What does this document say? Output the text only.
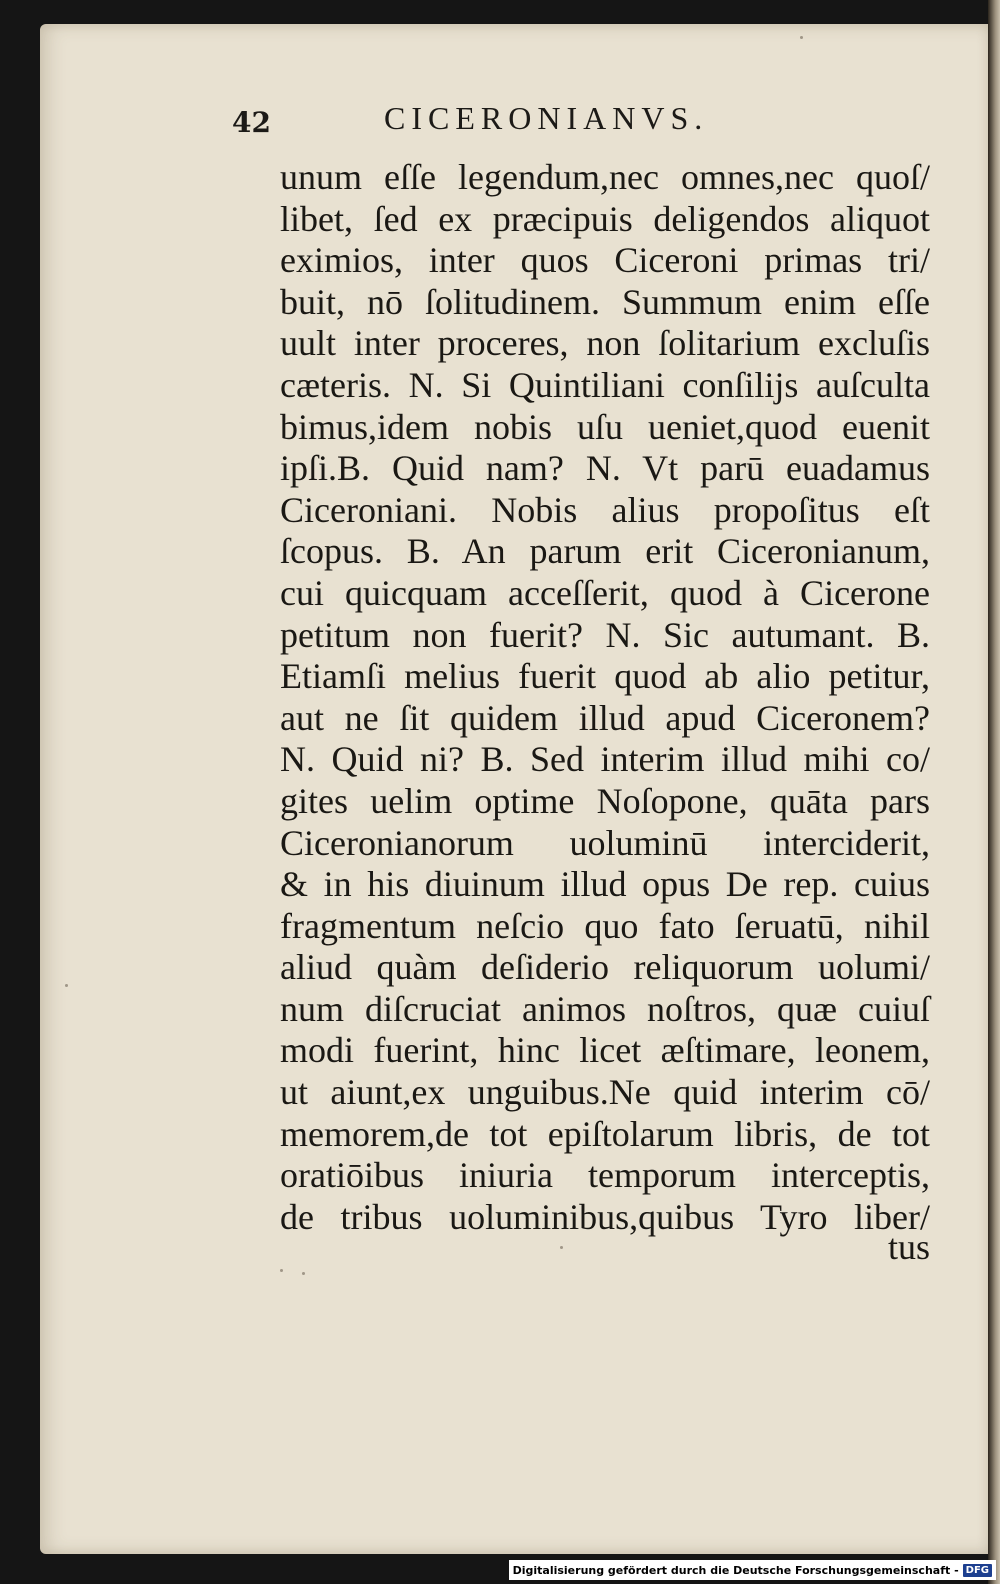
42	CICERONIANVS.
unum eſſe legendum,nec omnes,nec quoſ/
libet, ſed ex præcipuis deligendos aliquot
eximios, inter quos Ciceroni primas tri/
buit, nō ſolitudinem. Summum enim eſſe
uult inter proceres, non ſolitarium excluſis
cæteris. N. Si Quintiliani conſilijs auſculta
bimus,idem nobis uſu ueniet,quod euenit
ipſi.B. Quid nam? N. Vt parū euadamus
Ciceroniani. Nobis alius propoſitus eſt
ſcopus. B. An parum erit Ciceronianum,
cui quicquam acceſſerit, quod à Cicerone
petitum non fuerit? N. Sic autumant. B.
Etiamſi melius fuerit quod ab alio petitur,
aut ne ſit quidem illud apud Ciceronem?
N. Quid ni? B. Sed interim illud mihi co/
gites uelim optime Noſopone, quāta pars
Ciceronianorum uoluminū interciderit,
& in his diuinum illud opus De rep. cuius
fragmentum neſcio quo fato ſeruatū, nihil
aliud quàm deſiderio reliquorum uolumi/
num diſcruciat animos noſtros, quæ cuiuſ
modi fuerint, hinc licet æſtimare, leonem,
ut aiunt,ex unguibus.Ne quid interim cō/
memorem,de tot epiſtolarum libris, de tot
oratiōibus iniuria temporum interceptis,
de tribus uoluminibus,quibus Tyro liber/
tus
Digitalisierung gefördert durch die Deutsche Forschungsgemeinschaft - DFG
